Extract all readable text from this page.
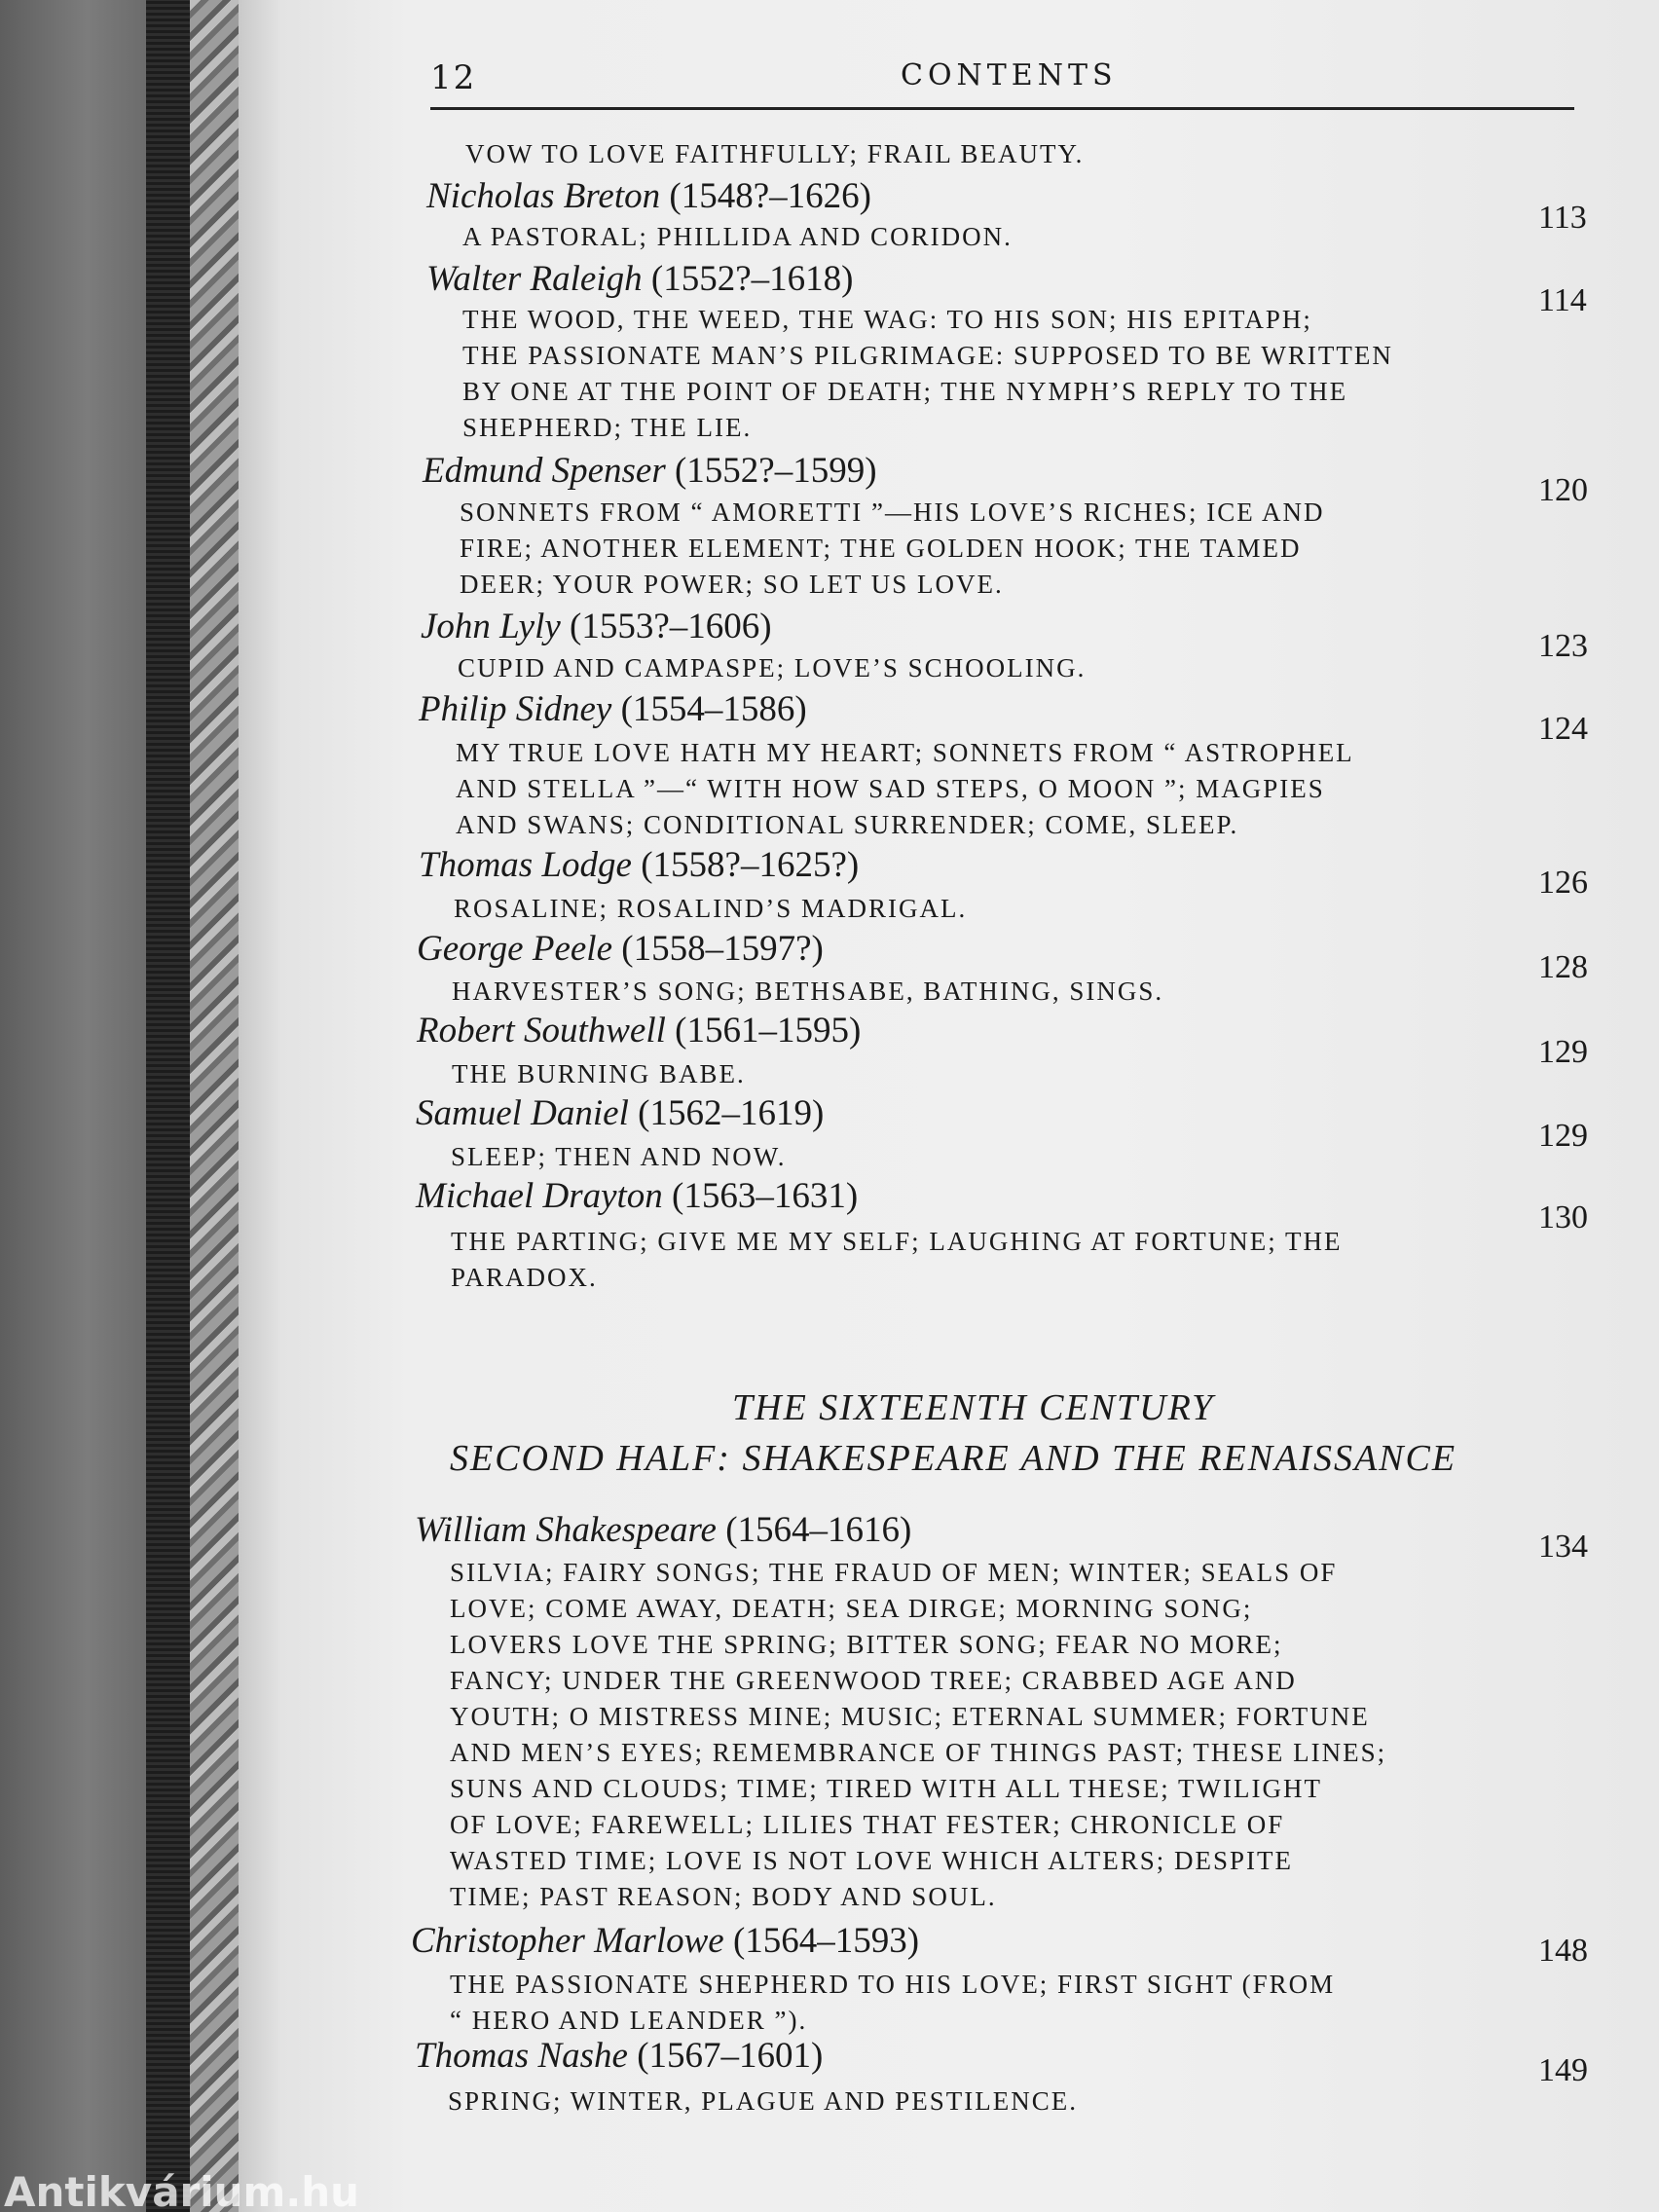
12	CONTENTS
VOW TO LOVE FAITHFULLY; FRAIL BEAUTY.
Nicholas Breton (1548?–1626)
A PASTORAL; PHILLIDA AND CORIDON.
113
Walter Raleigh (1552?–1618)
THE WOOD, THE WEED, THE WAG: TO HIS SON; HIS EPITAPH;
THE PASSIONATE MAN’S PILGRIMAGE: SUPPOSED TO BE WRITTEN
BY ONE AT THE POINT OF DEATH; THE NYMPH’S REPLY TO THE
SHEPHERD; THE LIE.
114
Edmund Spenser (1552?–1599)
SONNETS FROM “ AMORETTI ”—HIS LOVE’S RICHES; ICE AND
FIRE; ANOTHER ELEMENT; THE GOLDEN HOOK; THE TAMED
DEER; YOUR POWER; SO LET US LOVE.
120
John Lyly (1553?–1606)
CUPID AND CAMPASPE; LOVE’S SCHOOLING.
123
Philip Sidney (1554–1586)
MY TRUE LOVE HATH MY HEART; SONNETS FROM “ ASTROPHEL
AND STELLA ”—“ WITH HOW SAD STEPS, O MOON ”; MAGPIES
AND SWANS; CONDITIONAL SURRENDER; COME, SLEEP.
124
Thomas Lodge (1558?–1625?)
ROSALINE; ROSALIND’S MADRIGAL.
126
George Peele (1558–1597?)
HARVESTER’S SONG; BETHSABE, BATHING, SINGS.
128
Robert Southwell (1561–1595)
THE BURNING BABE.
129
Samuel Daniel (1562–1619)
SLEEP; THEN AND NOW.
129
Michael Drayton (1563–1631)
THE PARTING; GIVE ME MY SELF; LAUGHING AT FORTUNE; THE
PARADOX.
130
THE SIXTEENTH CENTURY
SECOND HALF: SHAKESPEARE AND THE RENAISSANCE
William Shakespeare (1564–1616)
SILVIA; FAIRY SONGS; THE FRAUD OF MEN; WINTER; SEALS OF
LOVE; COME AWAY, DEATH; SEA DIRGE; MORNING SONG;
LOVERS LOVE THE SPRING; BITTER SONG; FEAR NO MORE;
FANCY; UNDER THE GREENWOOD TREE; CRABBED AGE AND
YOUTH; O MISTRESS MINE; MUSIC; ETERNAL SUMMER; FORTUNE
AND MEN’S EYES; REMEMBRANCE OF THINGS PAST; THESE LINES;
SUNS AND CLOUDS; TIME; TIRED WITH ALL THESE; TWILIGHT
OF LOVE; FAREWELL; LILIES THAT FESTER; CHRONICLE OF
WASTED TIME; LOVE IS NOT LOVE WHICH ALTERS; DESPITE
TIME; PAST REASON; BODY AND SOUL.
134
Christopher Marlowe (1564–1593)
THE PASSIONATE SHEPHERD TO HIS LOVE; FIRST SIGHT (FROM
“ HERO AND LEANDER ”).
148
Thomas Nashe (1567–1601)
SPRING; WINTER, PLAGUE AND PESTILENCE.
149
Antikvárium.hu
